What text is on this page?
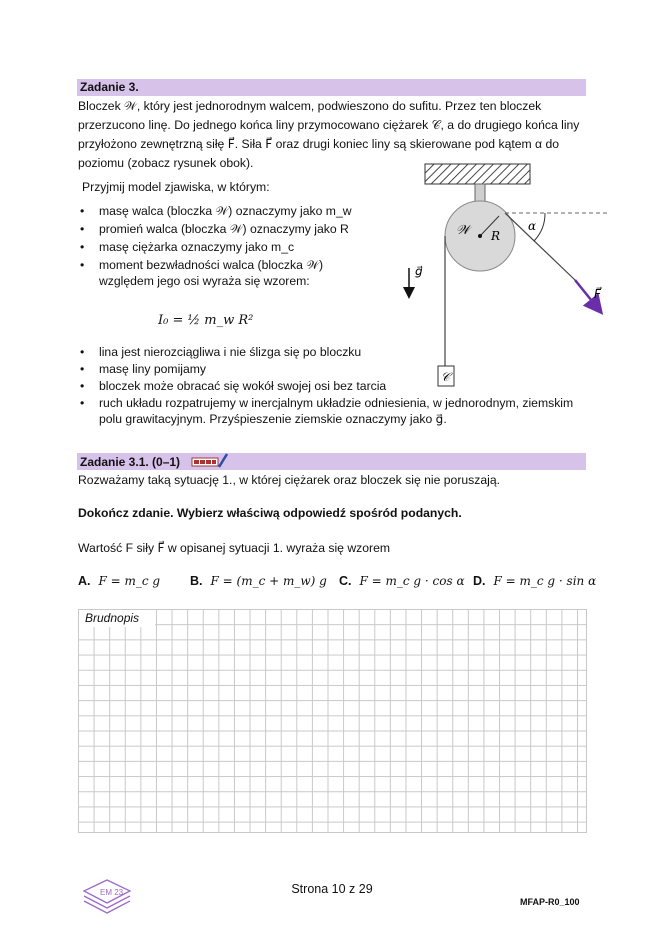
Zadanie 3.
Bloczek 𝒲, który jest jednorodnym walcem, podwieszono do sufitu. Przez ten bloczek
przerzucono linę. Do jednego końca liny przymocowano ciężarek 𝒞, a do drugiego końca liny
przyłożono zewnętrzną siłę F⃗. Siła F⃗ oraz drugi koniec liny są skierowane pod kątem α do
poziomu (zobacz rysunek obok).
Przyjmij model zjawiska, w którym:
• masę walca (bloczka 𝒲) oznaczymy jako m_w
• promień walca (bloczka 𝒲) oznaczymy jako R
• masę ciężarka oznaczymy jako m_c
• moment bezwładności walca (bloczka 𝒲)
względem jego osi wyraża się wzorem:
I₀ = ½ m_w R²
• lina jest nierozciągliwa i nie ślizga się po bloczku
• masę liny pomijamy
• bloczek może obracać się wokół swojej osi bez tarcia
• ruch układu rozpatrujemy w inercjalnym układzie odniesienia, w jednorodnym, ziemskim
polu grawitacyjnym. Przyśpieszenie ziemskie oznaczymy jako g⃗.
𝒲 R
α
F⃗
g⃗
𝒞
Zadanie 3.1. (0–1)
Rozważamy taką sytuację 1., w której ciężarek oraz bloczek się nie poruszają.
Dokończ zdanie. Wybierz właściwą odpowiedź spośród podanych.
Wartość F siły F⃗ w opisanej sytuacji 1. wyraża się wzorem
A. F = m_c g B. F = (m_c + m_w) g C. F = m_c g · cos α D. F = m_c g · sin α
Brudnopis
EM 23	Strona 10 z 29
MFAP-R0_100
